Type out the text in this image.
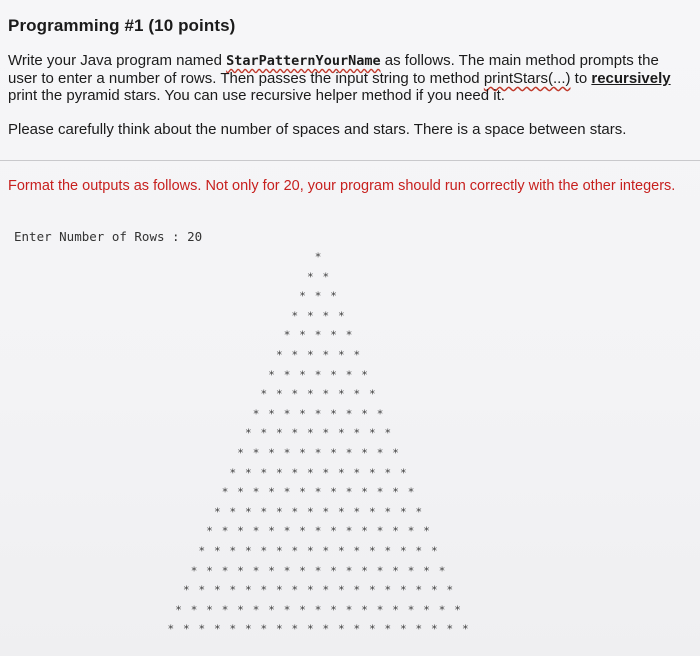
Programming #1 (10 points)
Write your Java program named StarPatternYourName as follows. The main method prompts the
user to enter a number of rows. Then passes the input string to method printStars(...) to recursively
print the pyramid stars. You can use recursive helper method if you need it.
Please carefully think about the number of spaces and stars. There is a space between stars.
Format the outputs as follows. Not only for 20, your program should run correctly with the other integers.
Enter Number of Rows : 20
*
* *
* * *
* * * *
* * * * *
* * * * * *
* * * * * * *
* * * * * * * *
* * * * * * * * *
* * * * * * * * * *
* * * * * * * * * * *
* * * * * * * * * * * *
* * * * * * * * * * * * *
* * * * * * * * * * * * * *
* * * * * * * * * * * * * * *
* * * * * * * * * * * * * * * *
* * * * * * * * * * * * * * * * *
* * * * * * * * * * * * * * * * * *
* * * * * * * * * * * * * * * * * * *
* * * * * * * * * * * * * * * * * * * *
